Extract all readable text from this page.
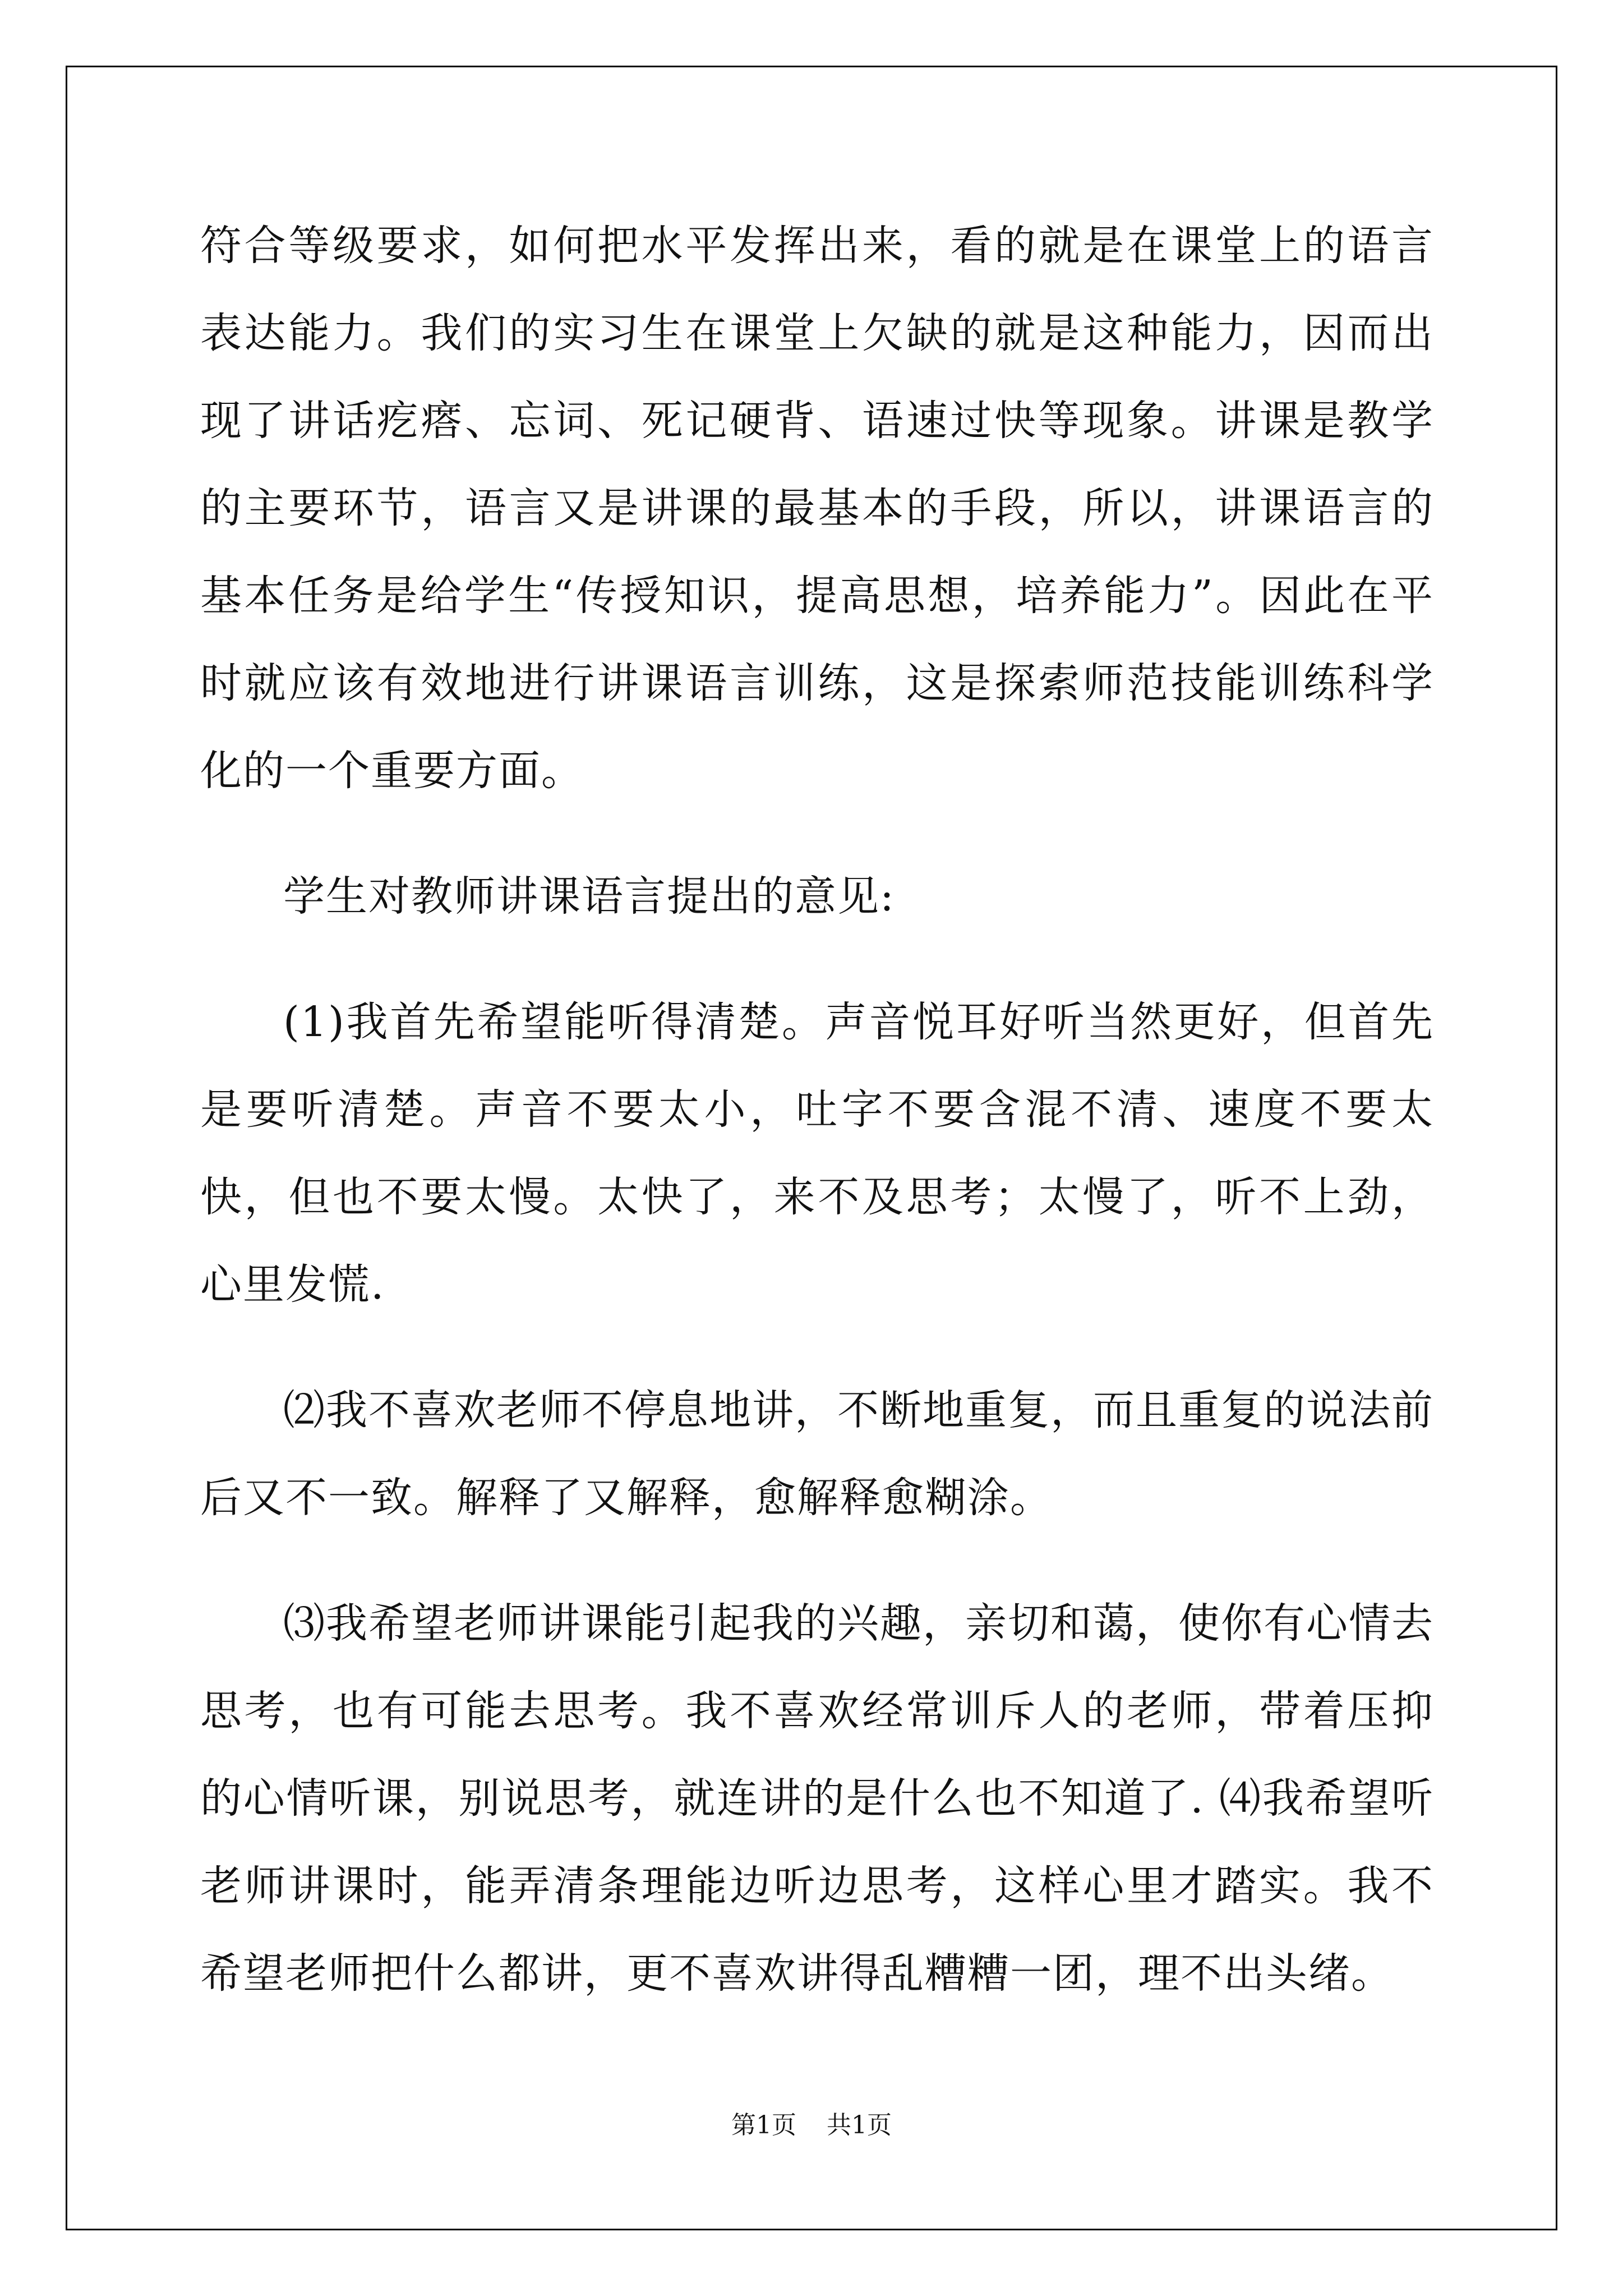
符合等级要求，如何把水平发挥出来，看的就是在课堂上的语言表达能力。我们的实习生在课堂上欠缺的就是这种能力，因而出现了讲话疙瘩、忘词、死记硬背、语速过快等现象。讲课是教学的主要环节，语言又是讲课的最基本的手段，所以，讲课语言的基本任务是给学生“传授知识，提高思想，培养能力”。因此在平时就应该有效地进行讲课语言训练，这是探索师范技能训练科学化的一个重要方面。

学生对教师讲课语言提出的意见:

(1)我首先希望能听得清楚。声音悦耳好听当然更好，但首先是要听清楚。声音不要太小，吐字不要含混不清、速度不要太快，但也不要太慢。太快了，来不及思考；太慢了，听不上劲，心里发慌.

⑵我不喜欢老师不停息地讲，不断地重复，而且重复的说法前后又不一致。解释了又解释，愈解释愈糊涂。

⑶我希望老师讲课能引起我的兴趣，亲切和蔼，使你有心情去思考，也有可能去思考。我不喜欢经常训斥人的老师，带着压抑的心情听课，别说思考，就连讲的是什么也不知道了. ⑷我希望听老师讲课时，能弄清条理能边听边思考，这样心里才踏实。我不希望老师把什么都讲，更不喜欢讲得乱糟糟一团，理不出头绪。

第1页 共1页
